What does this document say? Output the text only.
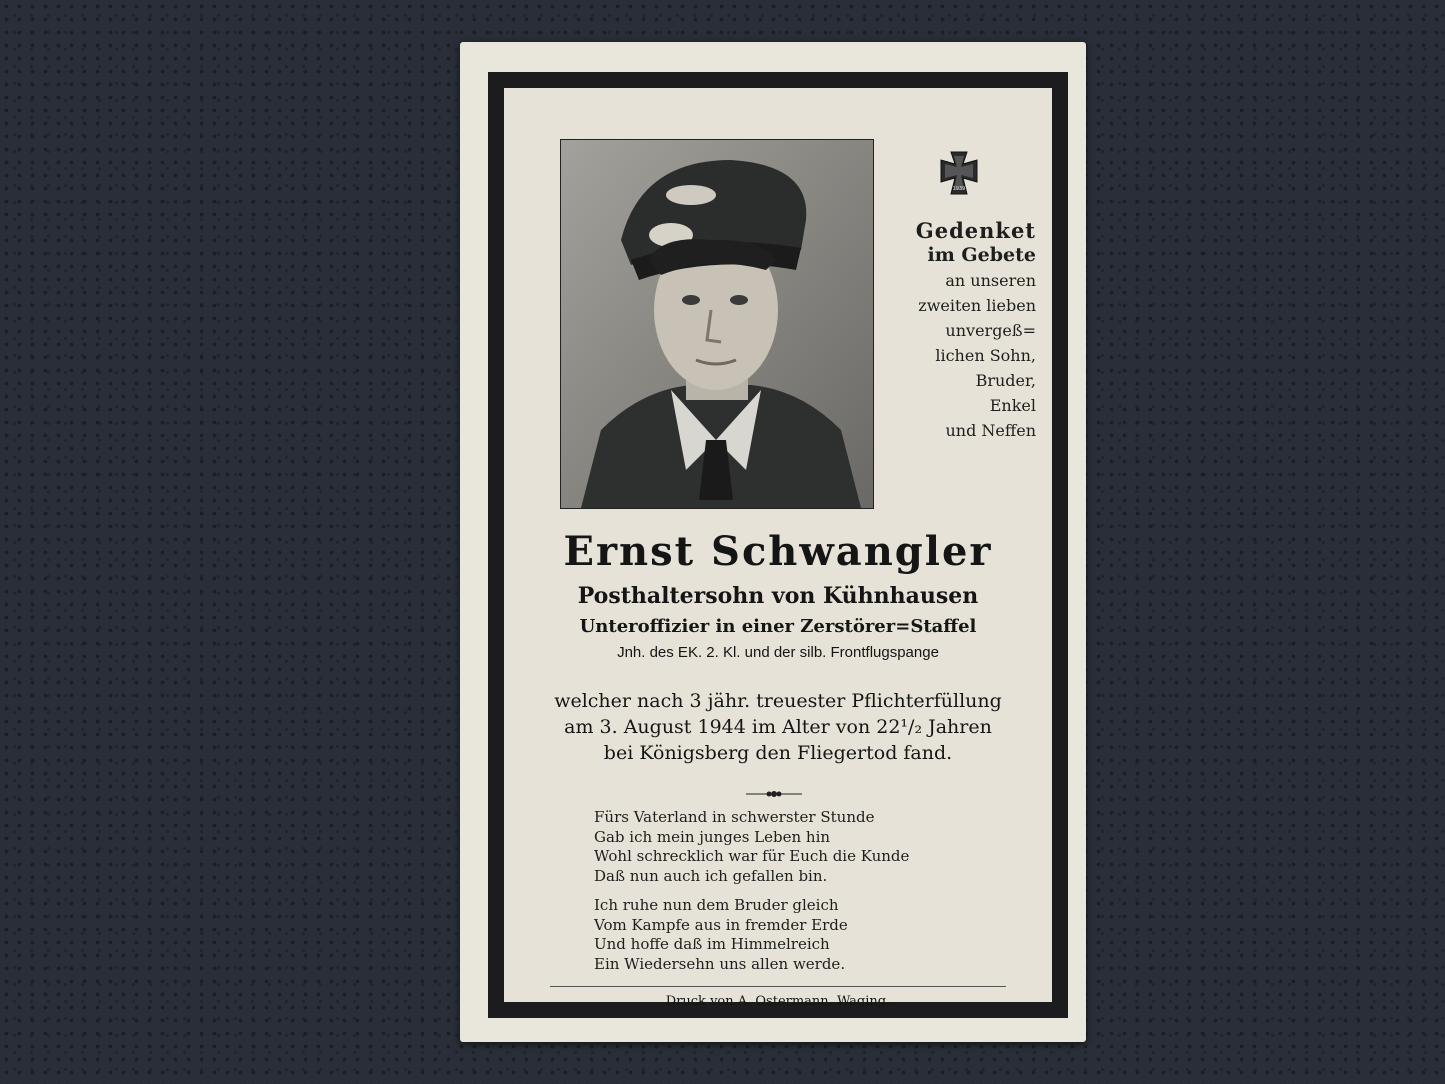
1939
Gedenket
im Gebete
an unseren
zweiten lieben
unvergeß=
lichen Sohn,
Bruder,
Enkel
und Neffen
Ernst Schwangler
Posthaltersohn von Kühnhausen
Unteroffizier in einer Zerstörer=Staffel
Jnh. des EK. 2. Kl. und der silb. Frontflugspange
welcher nach 3 jähr. treuester Pflichterfüllung
am 3. August 1944 im Alter von 22¹/₂ Jahren
bei Königsberg den Fliegertod fand.
Fürs Vaterland in schwerster Stunde
Gab ich mein junges Leben hin
Wohl schrecklich war für Euch die Kunde
Daß nun auch ich gefallen bin.
Ich ruhe nun dem Bruder gleich
Vom Kampfe aus in fremder Erde
Und hoffe daß im Himmelreich
Ein Wiedersehn uns allen werde.
Druck von A. Ostermann, Waging.
